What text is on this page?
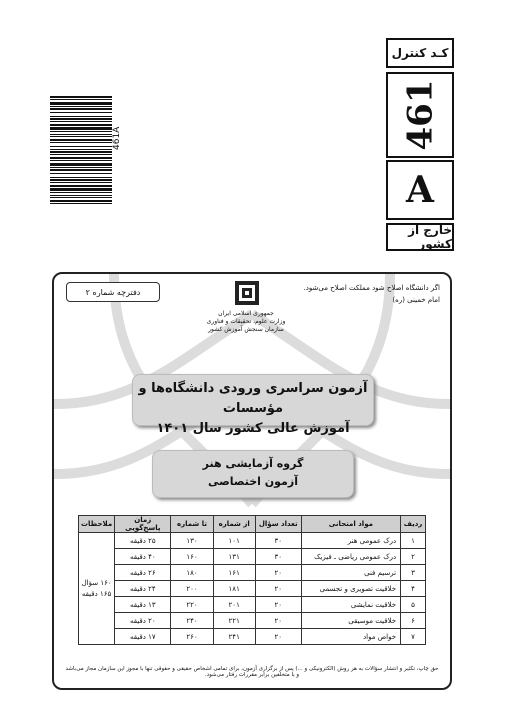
461A
کـد کنترل
461
A
خارج از کشور
دفترچه شماره ۲	اگر دانشگاه اصلاح شود مملکت اصلاح می‌شود.
امام خمینی (ره)
جمهوری اسلامی ایران
وزارت علوم، تحقیقات و فناوری
سازمان سنجش آموزش کشور
آزمون سراسری ورودی دانشگاه‌ها و مؤسسات
آموزش عالی کشور سال ۱۴۰۱
گروه آزمایشی هنر
آزمون اختصاصی
ردیف	مواد امتحانی	تعداد سؤال	از شماره	تا شماره	زمان پاسخ‌گویی	ملاحظات
۱	درک عمومی هنر	۳۰	۱۰۱	۱۳۰	۲۵ دقیقه	۱۶۰ سؤال
۱۶۵ دقیقه

۲	درک عمومی ریاضی ـ فیزیک	۳۰	۱۳۱	۱۶۰	۴۰ دقیقه	
۳	ترسیم فنی	۲۰	۱۶۱	۱۸۰	۲۶ دقیقه	
۴	خلاقیت تصویری و تجسمی	۲۰	۱۸۱	۲۰۰	۲۴ دقیقه	
۵	خلاقیت نمایشی	۲۰	۲۰۱	۲۲۰	۱۳ دقیقه	
۶	خلاقیت موسیقی	۲۰	۲۲۱	۲۴۰	۲۰ دقیقه	
۷	خواص مواد	۲۰	۲۴۱	۲۶۰	۱۷ دقیقه	
حق چاپ، تکثیر و انتشار سؤالات به هر روش (الکترونیکی و ...) پس از برگزاری آزمون، برای تمامی اشخاص حقیقی و حقوقی تنها با مجوز این سازمان مجاز می‌باشد و با متخلفین برابر مقررات رفتار می‌شود.
